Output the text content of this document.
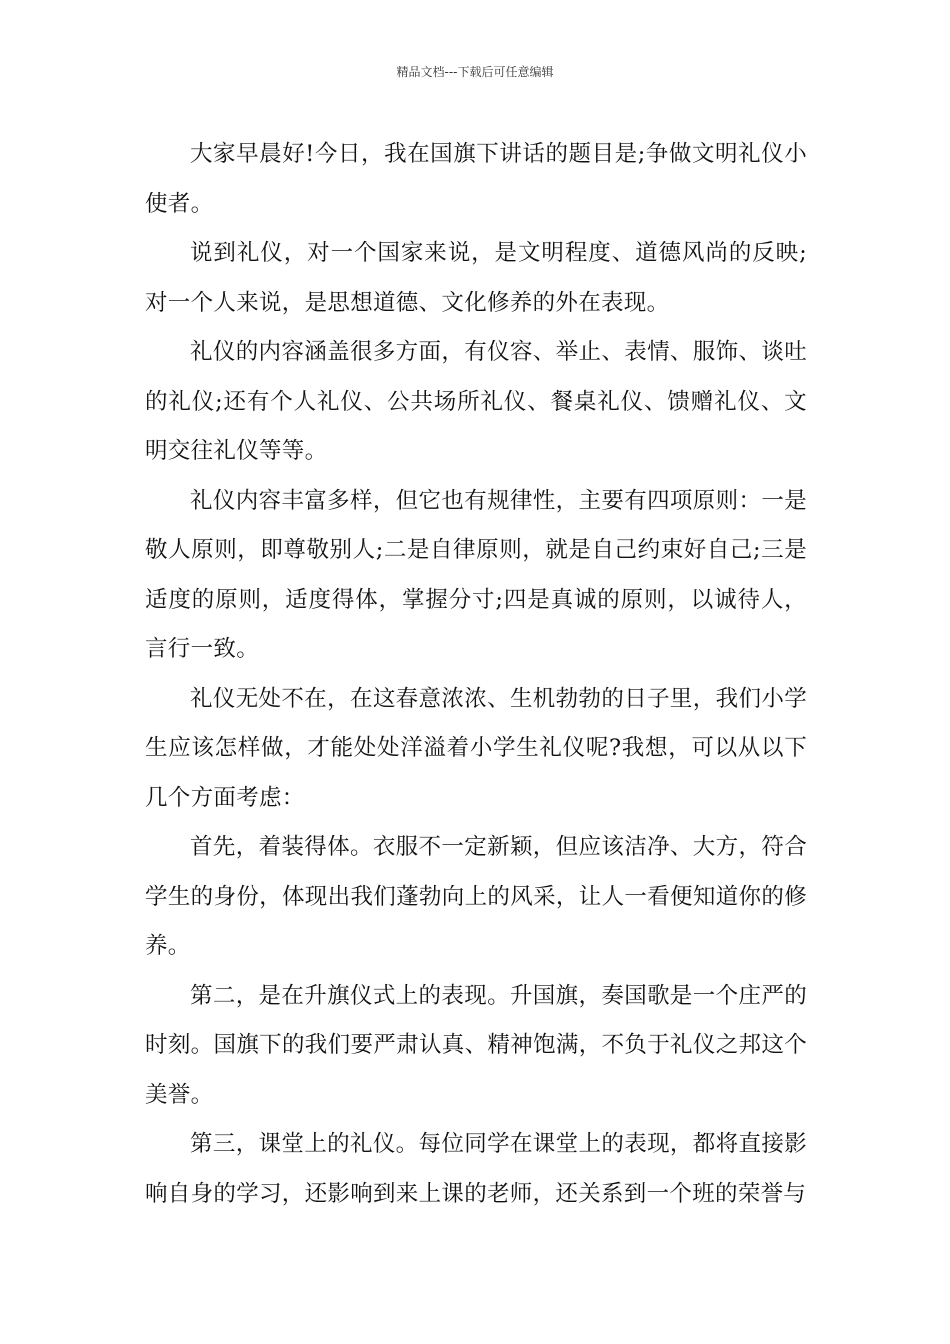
精品文档---下载后可任意编辑

大家早晨好!今日，我在国旗下讲话的题目是;争做文明礼仪小使者。

说到礼仪，对一个国家来说，是文明程度、道德风尚的反映;对一个人来说，是思想道德、文化修养的外在表现。

礼仪的内容涵盖很多方面，有仪容、举止、表情、服饰、谈吐的礼仪;还有个人礼仪、公共场所礼仪、餐桌礼仪、馈赠礼仪、文明交往礼仪等等。

礼仪内容丰富多样，但它也有规律性，主要有四项原则：一是敬人原则，即尊敬别人;二是自律原则，就是自己约束好自己;三是适度的原则，适度得体，掌握分寸;四是真诚的原则，以诚待人，言行一致。

礼仪无处不在，在这春意浓浓、生机勃勃的日子里，我们小学生应该怎样做，才能处处洋溢着小学生礼仪呢?我想，可以从以下几个方面考虑：

首先，着装得体。衣服不一定新颖，但应该洁净、大方，符合学生的身份，体现出我们蓬勃向上的风采，让人一看便知道你的修养。

第二，是在升旗仪式上的表现。升国旗，奏国歌是一个庄严的时刻。国旗下的我们要严肃认真、精神饱满，不负于礼仪之邦这个美誉。

第三，课堂上的礼仪。每位同学在课堂上的表现，都将直接影响自身的学习，还影响到来上课的老师，还关系到一个班的荣誉与
